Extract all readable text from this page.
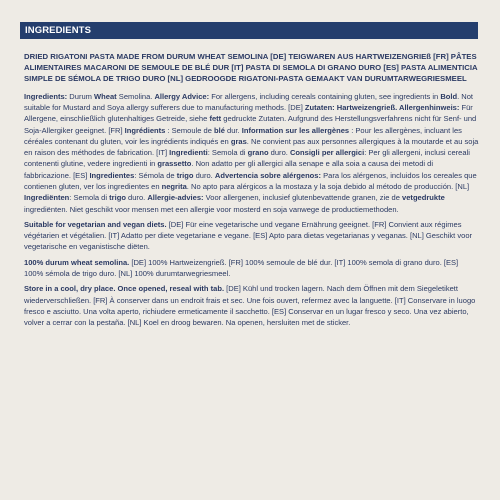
INGREDIENTS

DRIED RIGATONI PASTA MADE FROM DURUM WHEAT SEMOLINA [DE] TEIGWAREN AUS HARTWEIZENGRIEß [FR] PÂTES ALIMENTAIRES MACARONI DE SEMOULE DE BLÉ DUR [IT] PASTA DI SEMOLA DI GRANO DURO [ES] PASTA ALIMENTICIA SIMPLE DE SÉMOLA DE TRIGO DURO [NL] GEDROOGDE RIGATONI-PASTA GEMAAKT VAN DURUMTARWEGRIESMEEL

Ingredients: Durum Wheat Semolina. Allergy Advice: For allergens, including cereals containing gluten, see ingredients in Bold. Not suitable for Mustard and Soya allergy sufferers due to manufacturing methods. [DE] Zutaten: Hartweizengrieß. Allergenhinweis: Für Allergene, einschließlich glutenhaltiges Getreide, siehe fett gedruckte Zutaten. Aufgrund des Herstellungsverfahrens nicht für Senf- und Soja-Allergiker geeignet. [FR] Ingrédients : Semoule de blé dur. Information sur les allergènes : Pour les allergènes, incluant les céréales contenant du gluten, voir les ingrédients indiqués en gras. Ne convient pas aux personnes allergiques à la moutarde et au soja en raison des méthodes de fabrication. [IT] Ingredienti: Semola di grano duro. Consigli per allergici: Per gli allergeni, inclusi cereali contenenti glutine, vedere ingredienti in grassetto. Non adatto per gli allergici alla senape e alla soia a causa dei metodi di fabbricazione. [ES] Ingredientes: Sémola de trigo duro. Advertencia sobre alérgenos: Para los alérgenos, incluidos los cereales que contienen gluten, ver los ingredientes en negrita. No apto para alérgicos a la mostaza y la soja debido al método de producción. [NL] Ingrediënten: Semola di trigo duro. Allergie-advies: Voor allergenen, inclusief glutenbevattende granen, zie de vetgedrukte ingrediënten. Niet geschikt voor mensen met een allergie voor mosterd en soja vanwege de productiemethoden.

Suitable for vegetarian and vegan diets. [DE] Für eine vegetarische und vegane Ernährung geeignet. [FR] Convient aux régimes végétarien et végétalien. [IT] Adatto per diete vegetariane e vegane. [ES] Apto para dietas vegetarianas y veganas. [NL] Geschikt voor vegetarische en veganistische diëten.

100% durum wheat semolina. [DE] 100% Hartweizengrieß. [FR] 100% semoule de blé dur. [IT] 100% semola di grano duro. [ES] 100% sémola de trigo duro. [NL] 100% durumtarwegriesmeel.

Store in a cool, dry place. Once opened, reseal with tab. [DE] Kühl und trocken lagern. Nach dem Öffnen mit dem Siegeletikett wiederverschließen. [FR] À conserver dans un endroit frais et sec. Une fois ouvert, refermez avec la languette. [IT] Conservare in luogo fresco e asciutto. Una volta aperto, richiudere ermeticamente il sacchetto. [ES] Conservar en un lugar fresco y seco. Una vez abierto, volver a cerrar con la pestaña. [NL] Koel en droog bewaren. Na openen, hersluiten met de sticker.
